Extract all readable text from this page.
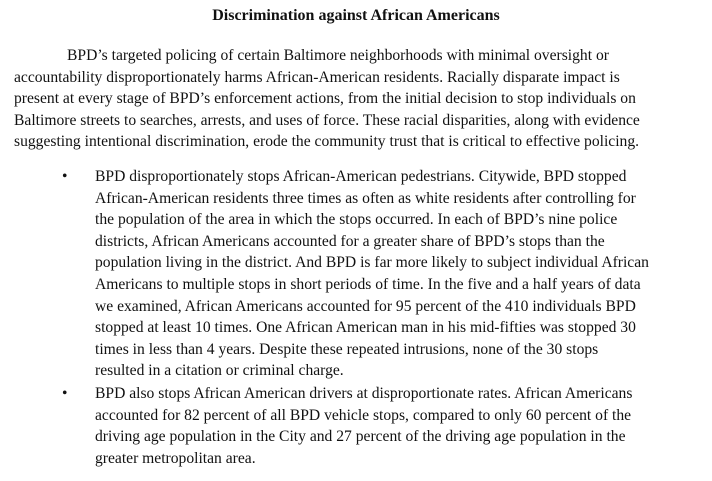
Discrimination against African Americans

BPD’s targeted policing of certain Baltimore neighborhoods with minimal oversight or
accountability disproportionately harms African-American residents. Racially disparate impact is
present at every stage of BPD’s enforcement actions, from the initial decision to stop individuals on
Baltimore streets to searches, arrests, and uses of force. These racial disparities, along with evidence
suggesting intentional discrimination, erode the community trust that is critical to effective policing.

• BPD disproportionately stops African-American pedestrians. Citywide, BPD stopped
African-American residents three times as often as white residents after controlling for
the population of the area in which the stops occurred. In each of BPD’s nine police
districts, African Americans accounted for a greater share of BPD’s stops than the
population living in the district. And BPD is far more likely to subject individual African
Americans to multiple stops in short periods of time. In the five and a half years of data
we examined, African Americans accounted for 95 percent of the 410 individuals BPD
stopped at least 10 times. One African American man in his mid-fifties was stopped 30
times in less than 4 years. Despite these repeated intrusions, none of the 30 stops
resulted in a citation or criminal charge.

• BPD also stops African American drivers at disproportionate rates. African Americans
accounted for 82 percent of all BPD vehicle stops, compared to only 60 percent of the
driving age population in the City and 27 percent of the driving age population in the
greater metropolitan area.
